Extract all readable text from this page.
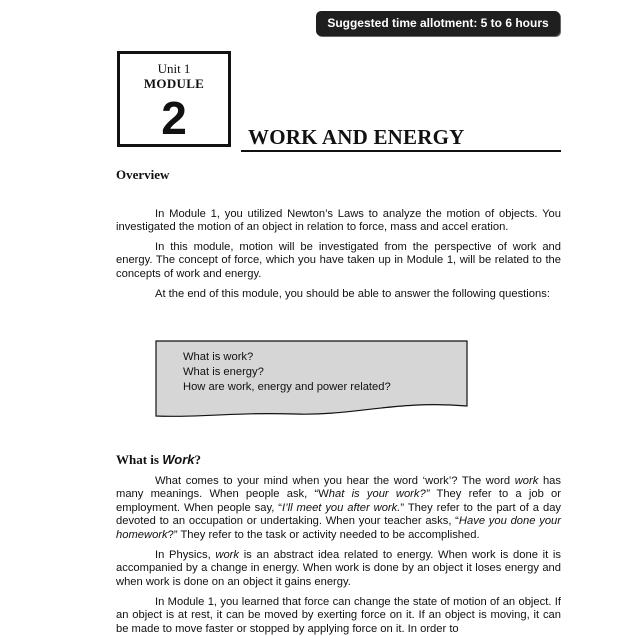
Suggested time allotment: 5 to 6 hours
Unit 1
MODULE
2	WORK AND ENERGY
Overview
In Module 1, you utilized Newton’s Laws to analyze the motion of objects. You investigated the motion of an object in relation to force, mass and accel eration.
In this module, motion will be investigated from the perspective of work and energy. The concept of force, which you have taken up in Module 1, will be related to the concepts of work and energy.
At the end of this module, you should be able to answer the following questions:
What is work?
What is energy?
How are work, energy and power related?
What is Work?
What comes to your mind when you hear the word ‘work’? The word work has many meanings. When people ask, “What is your work?” They refer to a job or employment. When people say, “I’ll meet you after work.” They refer to the part of a day devoted to an occupation or undertaking. When your teacher asks, “Have you done your homework?” They refer to the task or activity needed to be accomplished.
In Physics, work is an abstract idea related to energy. When work is done it is accompanied by a change in energy. When work is done by an object it loses energy and when work is done on an object it gains energy.
In Module 1, you learned that force can change the state of motion of an object. If an object is at rest, it can be moved by exerting force on it. If an object is moving, it can be made to move faster or stopped by applying force on it. In order to
